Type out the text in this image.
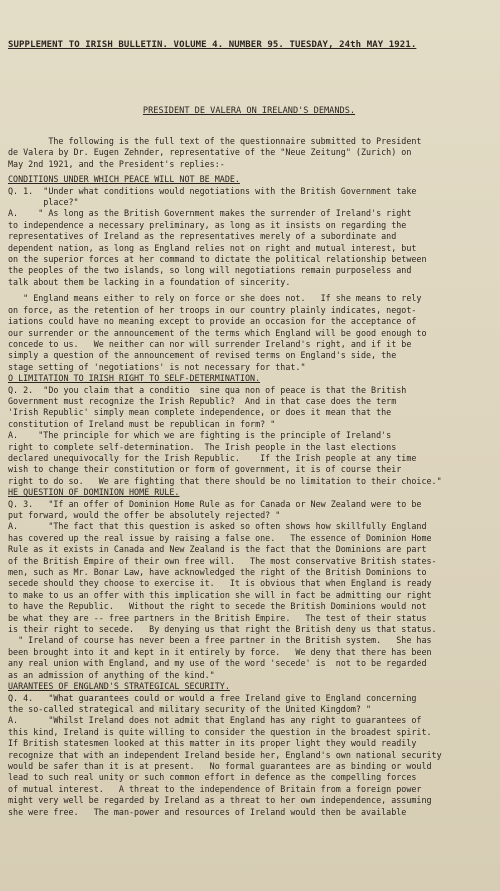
SUPPLEMENT TO IRISH BULLETIN. VOLUME 4. NUMBER 95. TUESDAY, 24th MAY 1921.
PRESIDENT DE VALERA ON IRELAND'S DEMANDS.
The following is the full text of the questionnaire submitted to President
de Valera by Dr. Eugen Zehnder, representative of the "Neue Zeitung" (Zurich) on
May 2nd 1921, and the President's replies:-
CONDITIONS UNDER WHICH PEACE WILL NOT BE MADE.
Q. 1.  "Under what conditions would negotiations with the British Government take
place?"
A.    " As long as the British Government makes the surrender of Ireland's right
to independence a necessary preliminary, as long as it insists on regarding the
representatives of Ireland as the representatives merely of a subordinate and
dependent nation, as long as England relies not on right and mutual interest, but
on the superior forces at her command to dictate the political relationship between
the peoples of the two islands, so long will negotiations remain purposeless and
talk about them be lacking in a foundation of sincerity.
" England means either to rely on force or she does not.   If she means to rely
on force, as the retention of her troops in our country plainly indicates, negot-
iations could have no meaning except to provide an occasion for the acceptance of
our surrender or the announcement of the terms which England will be good enough to
concede to us.   We neither can nor will surrender Ireland's right, and if it be
simply a question of the announcement of revised terms on England's side, the
stage setting of 'negotiations' is not necessary for that."
O LIMITATION TO IRISH RIGHT TO SELF-DETERMINATION.
Q. 2.  "Do you claim that a conditio  sine qua non of peace is that the British
Government must recognize the Irish Republic?  And in that case does the term
'Irish Republic' simply mean complete independence, or does it mean that the
constitution of Ireland must be republican in form? "
A.    "The principle for which we are fighting is the principle of Ireland's
right to complete self-determination.  The Irish people in the last elections
declared unequivocally for the Irish Republic.    If the Irish people at any time
wish to change their constitution or form of government, it is of course their
right to do so.   We are fighting that there should be no limitation to their choice."
HE QUESTION OF DOMINION HOME RULE.
Q. 3.   "If an offer of Dominion Home Rule as for Canada or New Zealand were to be
put forward, would the offer be absolutely rejected? "
A.      "The fact that this question is asked so often shows how skillfully England
has covered up the real issue by raising a false one.   The essence of Dominion Home
Rule as it exists in Canada and New Zealand is the fact that the Dominions are part
of the British Empire of their own free will.   The most conservative British states-
men, such as Mr. Bonar Law, have acknowledged the right of the British Dominions to
secede should they choose to exercise it.   It is obvious that when England is ready
to make to us an offer with this implication she will in fact be admitting our right
to have the Republic.   Without the right to secede the British Dominions would not
be what they are -- free partners in the British Empire.   The test of their status
is their right to secede.   By denying us that right the British deny us that status.
" Ireland of course has never been a free partner in the British system.   She has
been brought into it and kept in it entirely by force.   We deny that there has been
any real union with England, and my use of the word 'secede' is  not to be regarded
as an admission of anything of the kind."
UARANTEES OF ENGLAND'S STRATEGICAL SECURITY.
Q. 4.   "What guarantees could or would a free Ireland give to England concerning
the so-called strategical and military security of the United Kingdom? "
A.      "Whilst Ireland does not admit that England has any right to guarantees of
this kind, Ireland is quite willing to consider the question in the broadest spirit.
If British statesmen looked at this matter in its proper light they would readily
recognize that with an independent Ireland beside her, England's own national security
would be safer than it is at present.   No formal guarantees are as binding or would
lead to such real unity or such common effort in defence as the compelling forces
of mutual interest.   A threat to the independence of Britain from a foreign power
might very well be regarded by Ireland as a threat to her own independence, assuming
she were free.   The man-power and resources of Ireland would then be available
